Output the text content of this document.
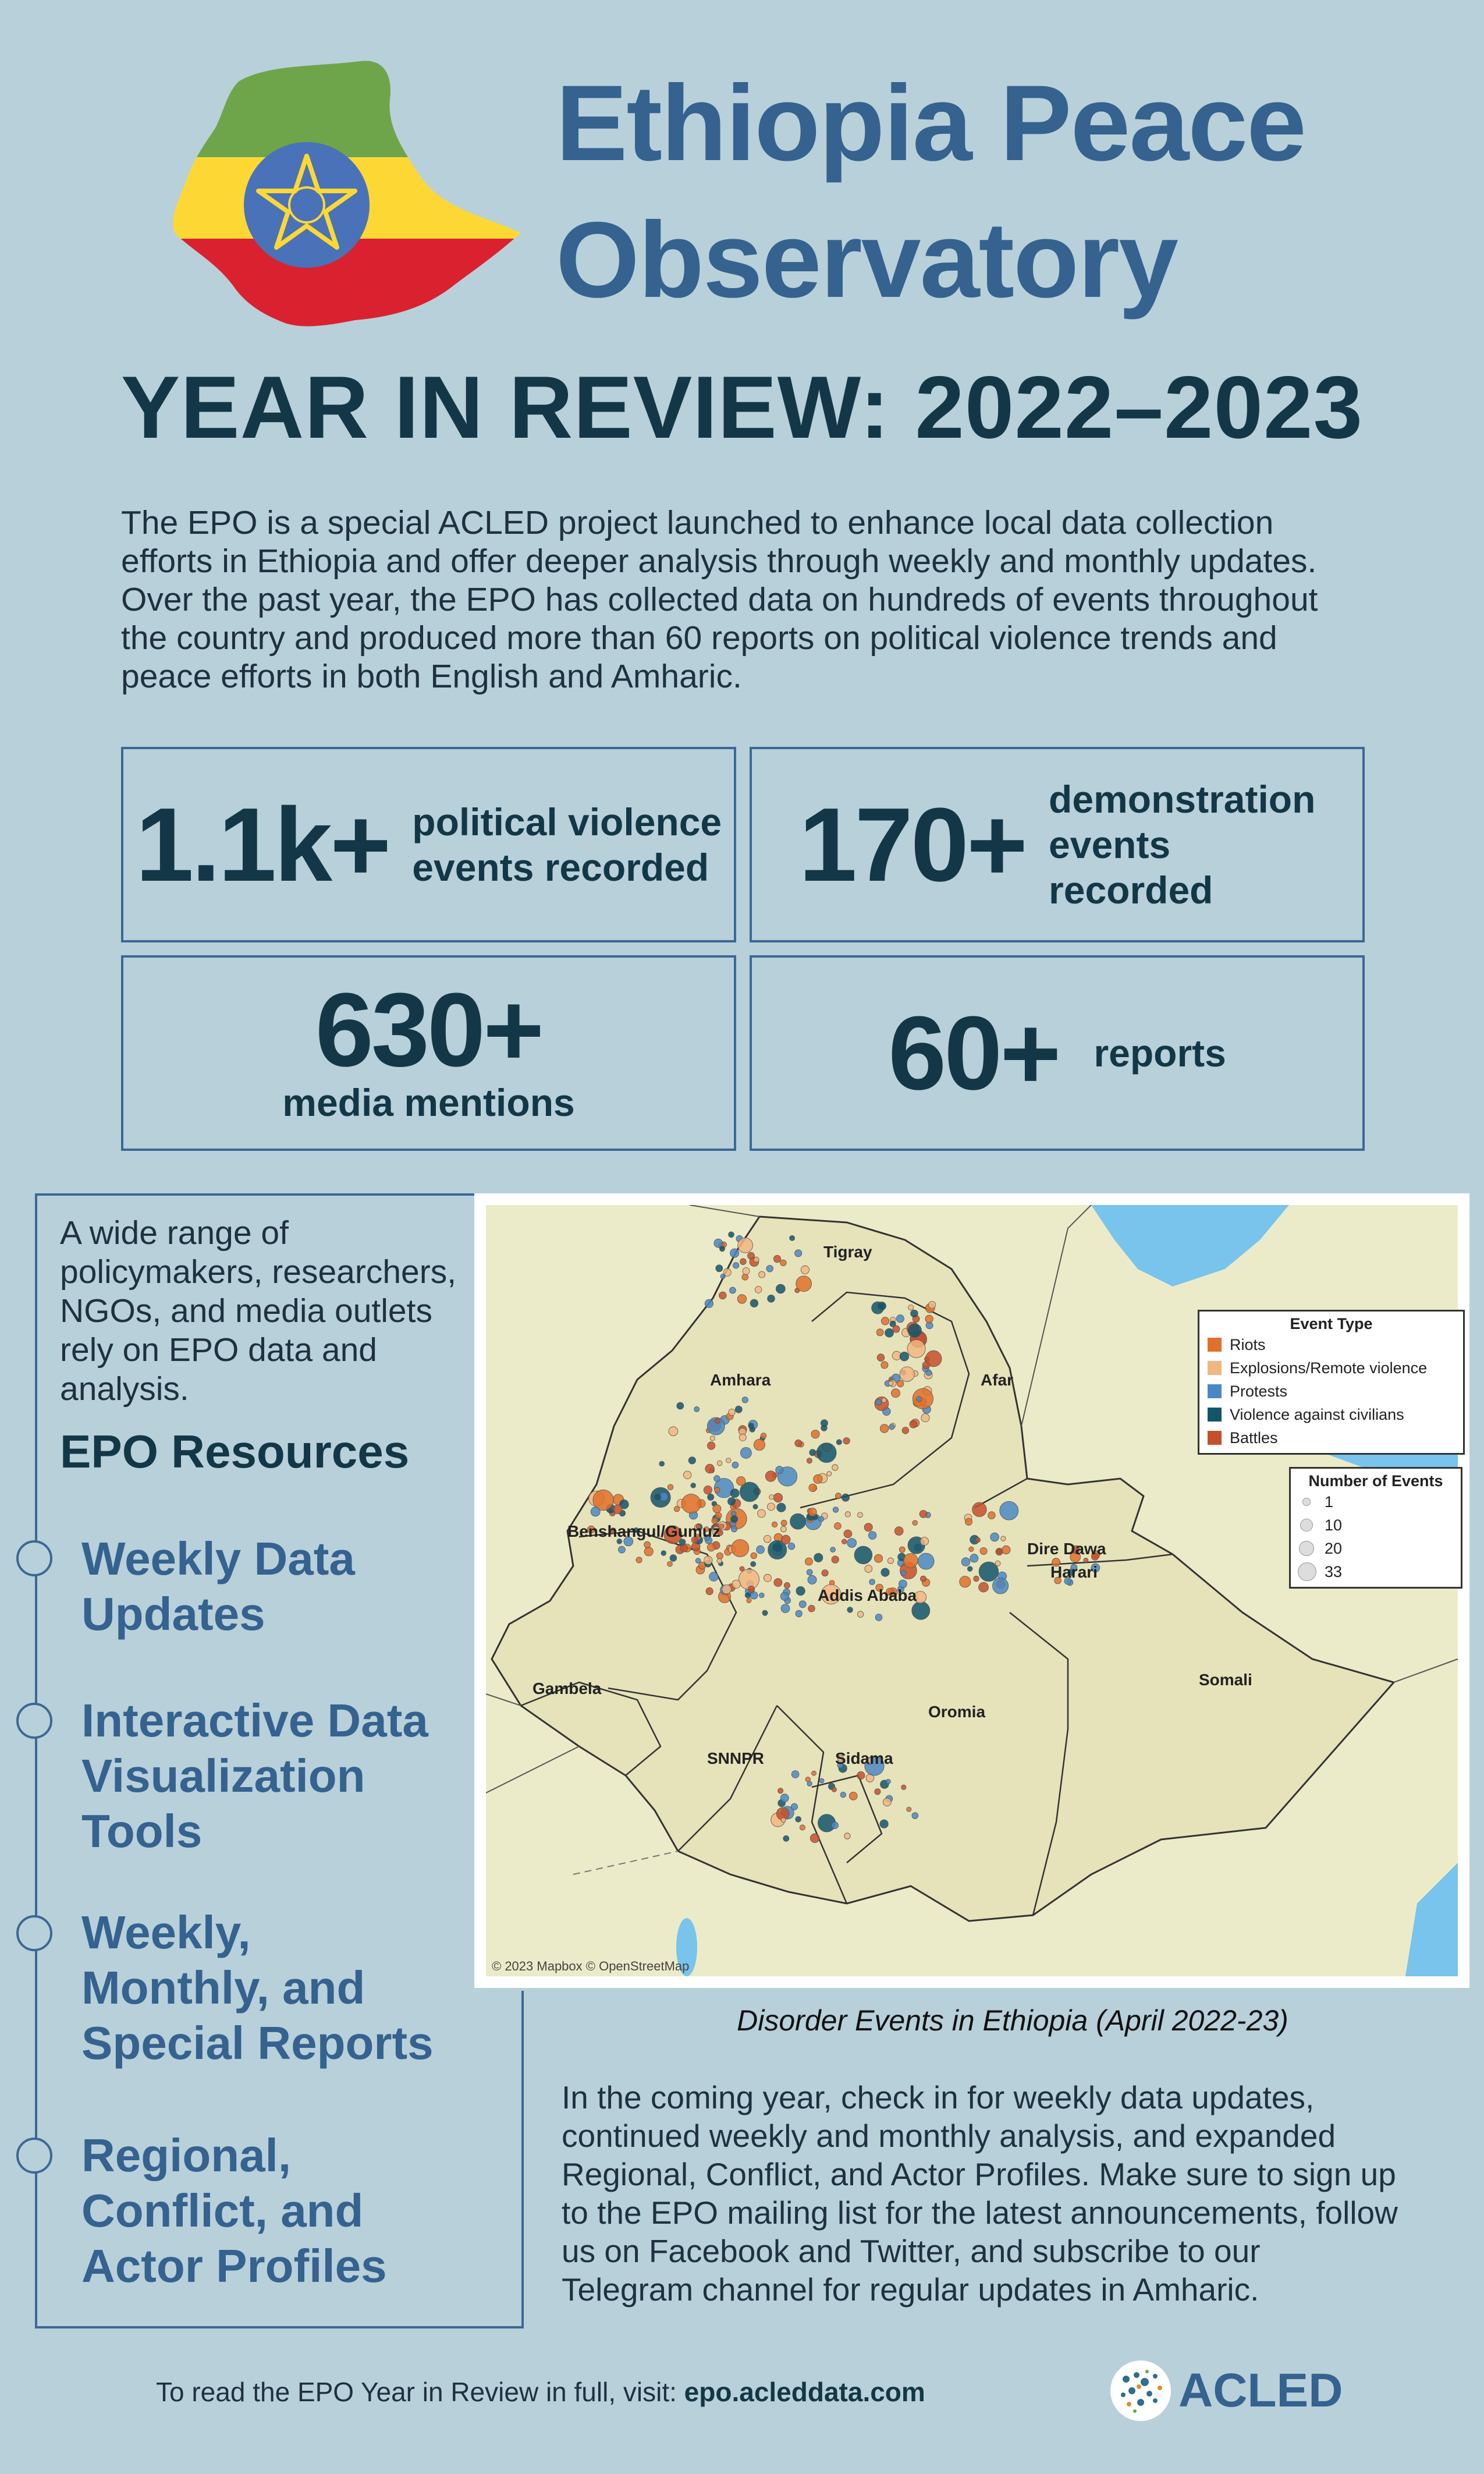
Ethiopia Peace
Observatory
YEAR IN REVIEW: 2022–2023
The EPO is a special ACLED project launched to enhance local data collection efforts in Ethiopia and offer deeper analysis through weekly and monthly updates. Over the past year, the EPO has collected data on hundreds of events throughout the country and produced more than 60 reports on political violence trends and peace efforts in both English and Amharic.
1.1k+ political violence
events recorded 170+ demonstration
events
recorded
630+
media mentions	60+ reports
A wide range of policymakers, researchers, NGOs, and media outlets rely on EPO data and analysis.
EPO Resources
Weekly Data
Updates
Interactive Data
Visualization
Tools
Weekly,
Monthly, and
Special Reports
Regional,
Conflict, and
Actor Profiles
Tigray
Amhara	Afar
Benshangul/Gumuz
Dire Dawa
Harari
Addis Ababa
Gambela
Oromia
Somali
SNNPR	Sidama
© 2023 Mapbox © OpenStreetMap
Event Type
Riots
Explosions/Remote violence
Protests
Violence against civilians
Battles
Number of Events
1
10
20
33
Disorder Events in Ethiopia (April 2022-23)
In the coming year, check in for weekly data updates, continued weekly and monthly analysis, and expanded Regional, Conflict, and Actor Profiles. Make sure to sign up to the EPO mailing list for the latest announcements, follow us on Facebook and Twitter, and subscribe to our Telegram channel for regular updates in Amharic.
To read the EPO Year in Review in full, visit: epo.acleddata.com	ACLED
